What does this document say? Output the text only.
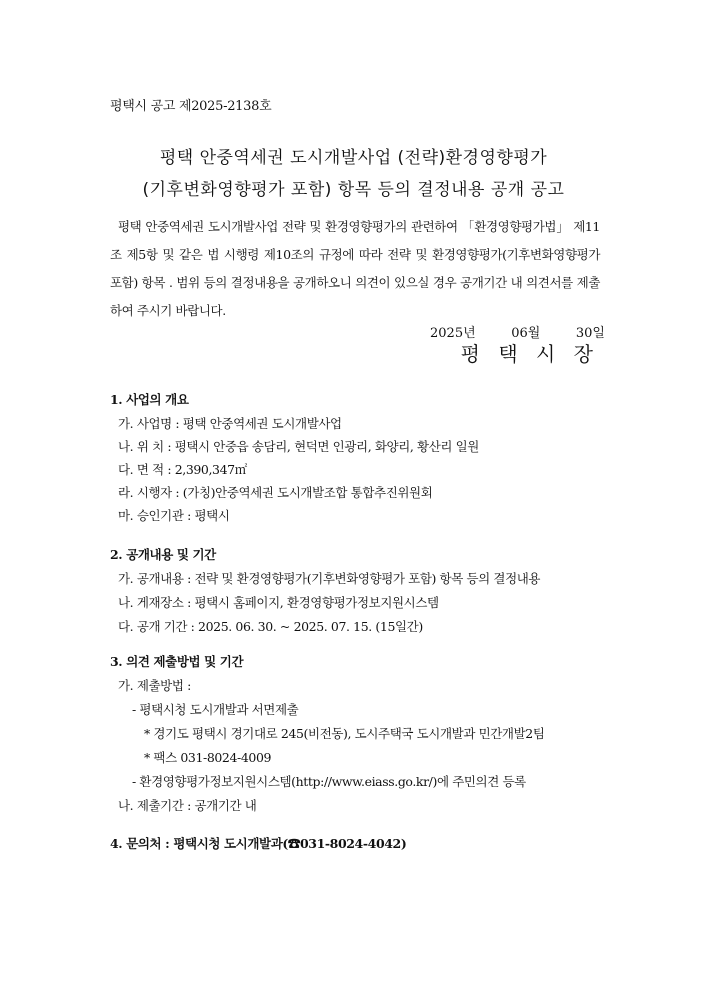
평택시 공고 제2025-2138호
평택 안중역세권 도시개발사업 (전략)환경영향평가
(기후변화영향평가 포함) 항목 등의 결정내용 공개 공고
평택 안중역세권 도시개발사업 전략 및 환경영향평가의 관련하여 「환경영향평가법」 제11조 제5항 및 같은 법 시행령 제10조의 규정에 따라 전략 및 환경영향평가(기후변화영향평가 포함) 항목 ․ 범위 등의 결정내용을 공개하오니 의견이 있으실 경우 공개기간 내 의견서를 제출하여 주시기 바랍니다.
2025년	06월	30일
평 택 시 장
1. 사업의 개요
가. 사업명 : 평택 안중역세권 도시개발사업
나. 위 치 : 평택시 안중읍 송담리, 현덕면 인광리, 화양리, 황산리 일원
다. 면 적 : 2,390,347㎡
라. 시행자 : (가칭)안중역세권 도시개발조합 통합추진위원회
마. 승인기관 : 평택시
2. 공개내용 및 기간
가. 공개내용 : 전략 및 환경영향평가(기후변화영향평가 포함) 항목 등의 결정내용
나. 게재장소 : 평택시 홈페이지, 환경영향평가정보지원시스템
다. 공개 기간 : 2025. 06. 30. ~ 2025. 07. 15. (15일간)
3. 의견 제출방법 및 기간
가. 제출방법 :
- 평택시청 도시개발과 서면제출
* 경기도 평택시 경기대로 245(비전동), 도시주택국 도시개발과 민간개발2팀
* 팩스 031-8024-4009
- 환경영향평가정보지원시스템(http://www.eiass.go.kr/)에 주민의견 등록
나. 제출기간 : 공개기간 내
4. 문의처 : 평택시청 도시개발과(☎031-8024-4042)
